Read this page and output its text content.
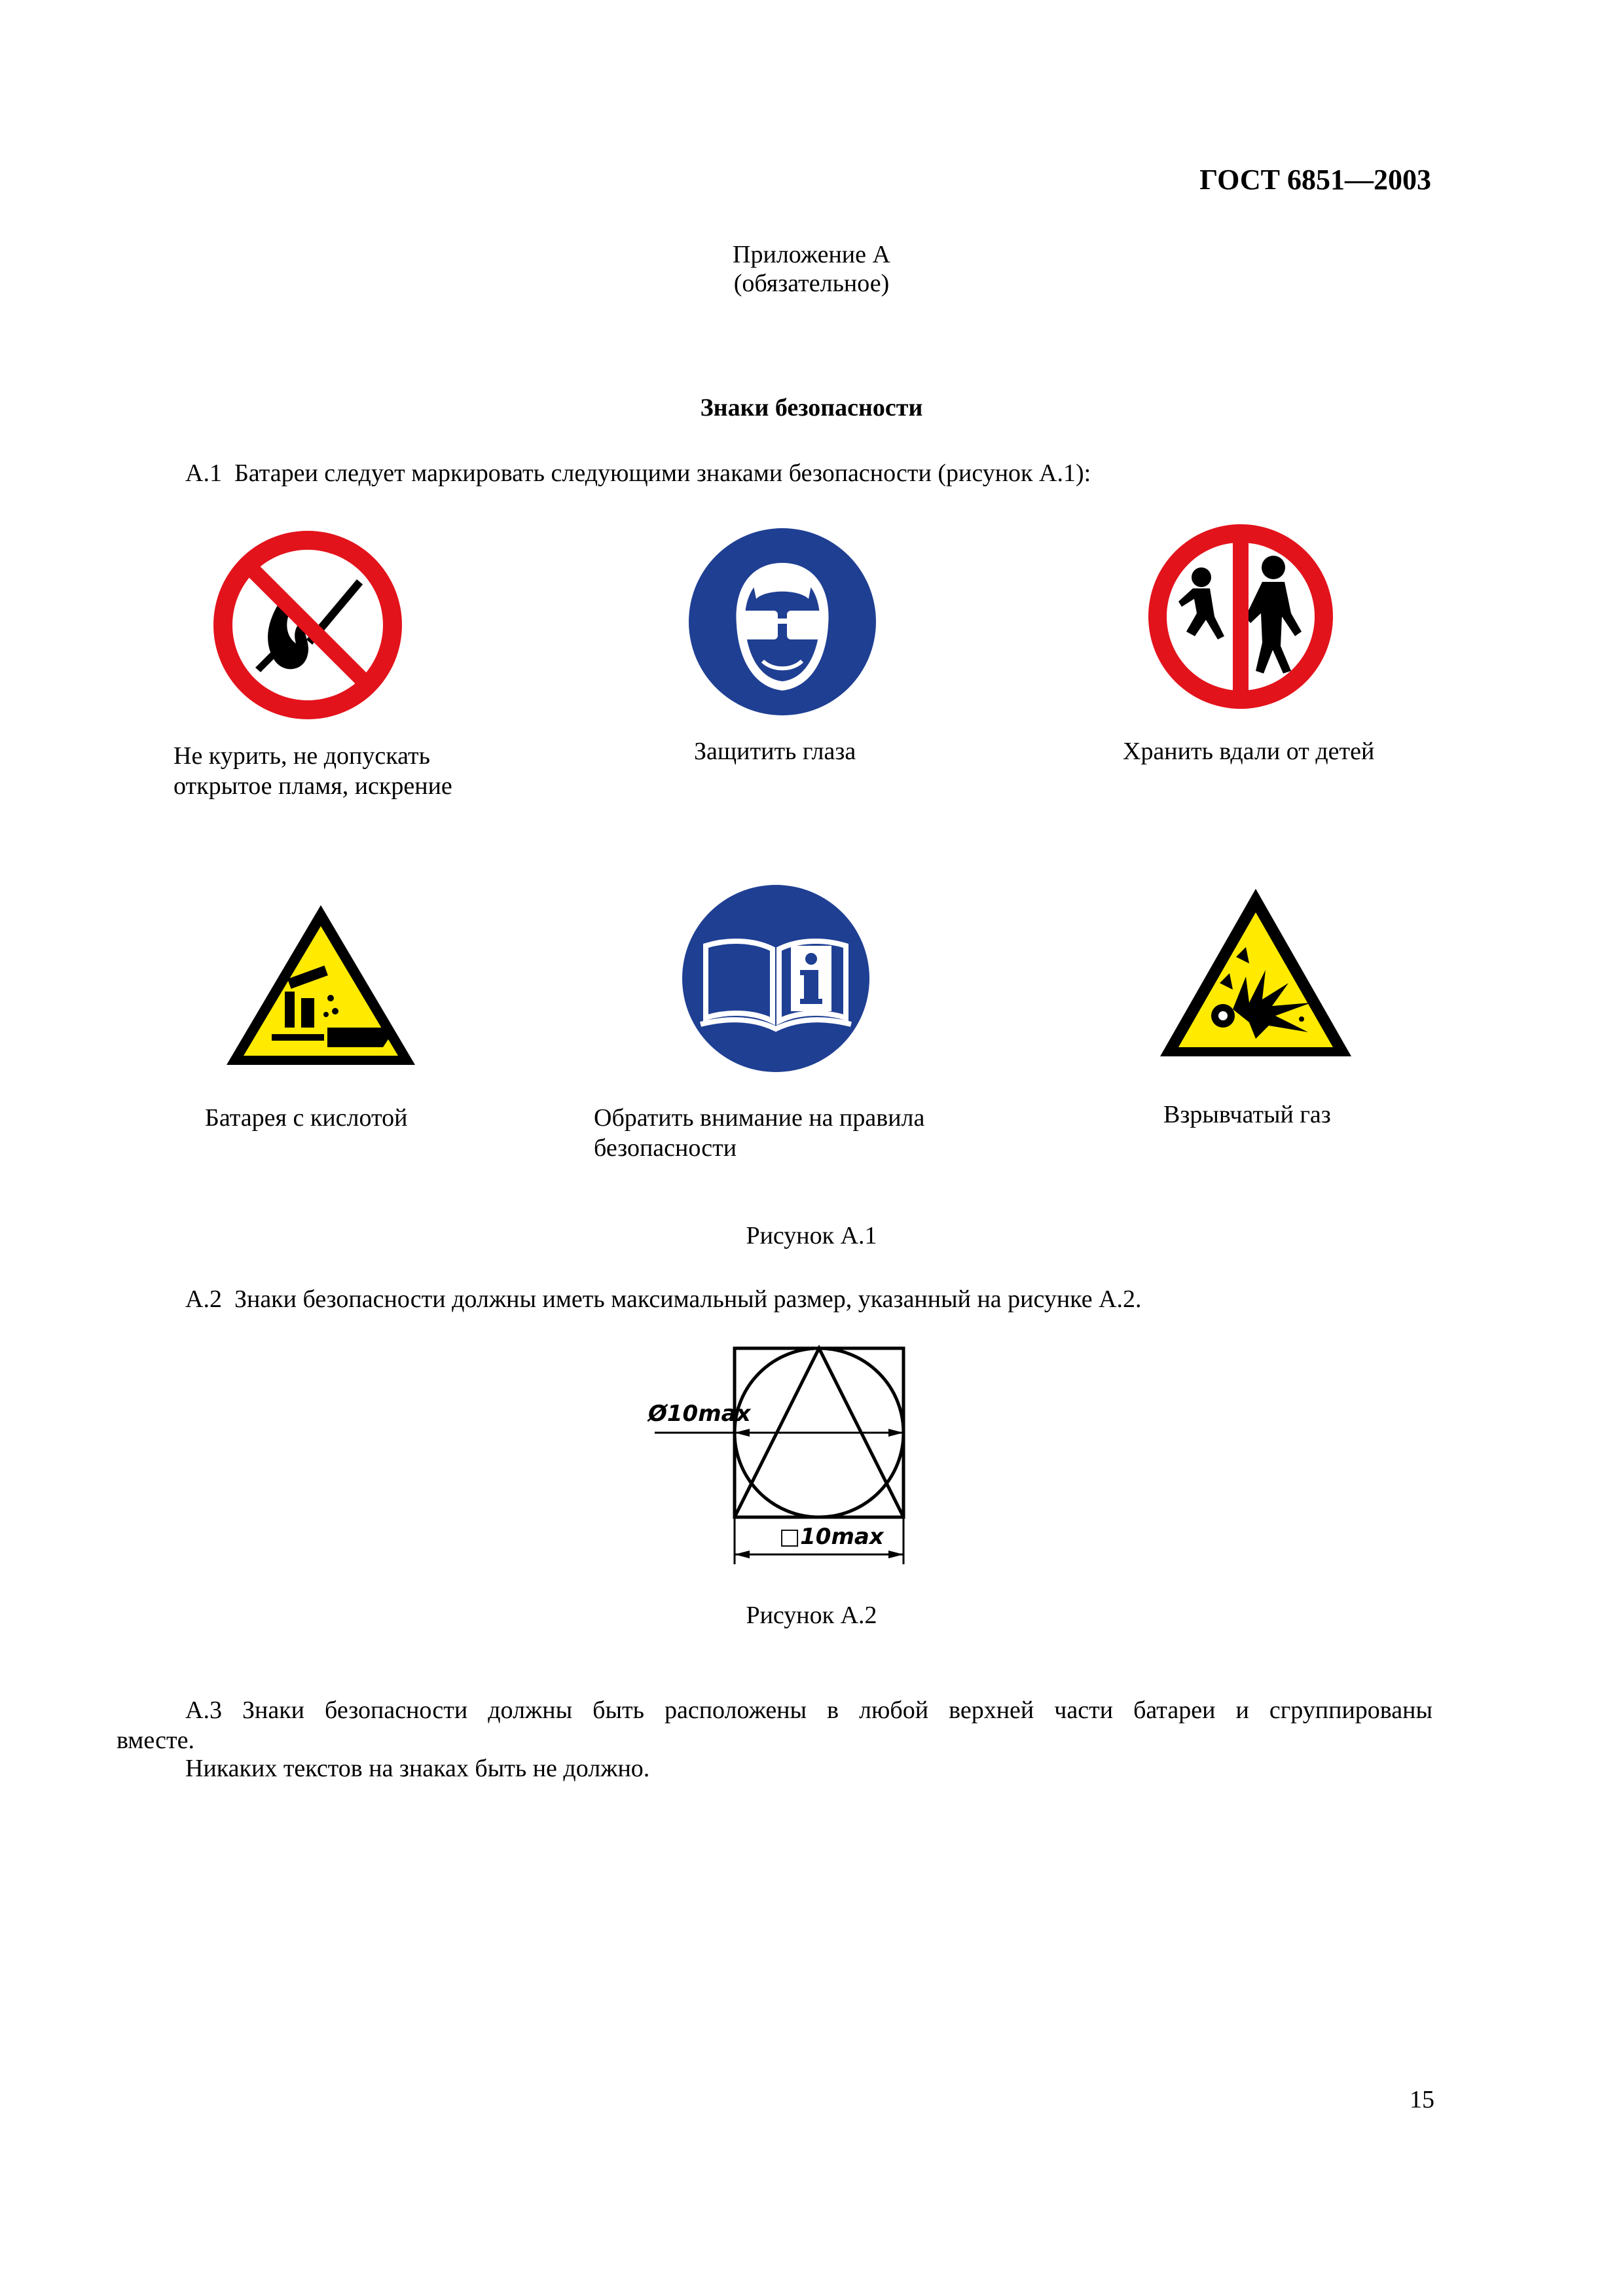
ГОСТ 6851—2003
Приложение А
(обязательное)
Знаки безопасности
А.1  Батареи следует маркировать следующими знаками безопасности (рисунок А.1):
Не курить, не допускать
открытое пламя, искрение
Защитить глаза	Хранить вдали от детей
Батарея с кислотой	Обратить внимание на правила
безопасности
Взрывчатый газ
Рисунок А.1
А.2  Знаки безопасности должны иметь максимальный размер, указанный на рисунке А.2.
Ø10max
□10max
Рисунок А.2
А.3 Знаки безопасности должны быть расположены в любой верхней части батареи и сгруппированы
вместе.
Никаких текстов на знаках быть не должно.
15
